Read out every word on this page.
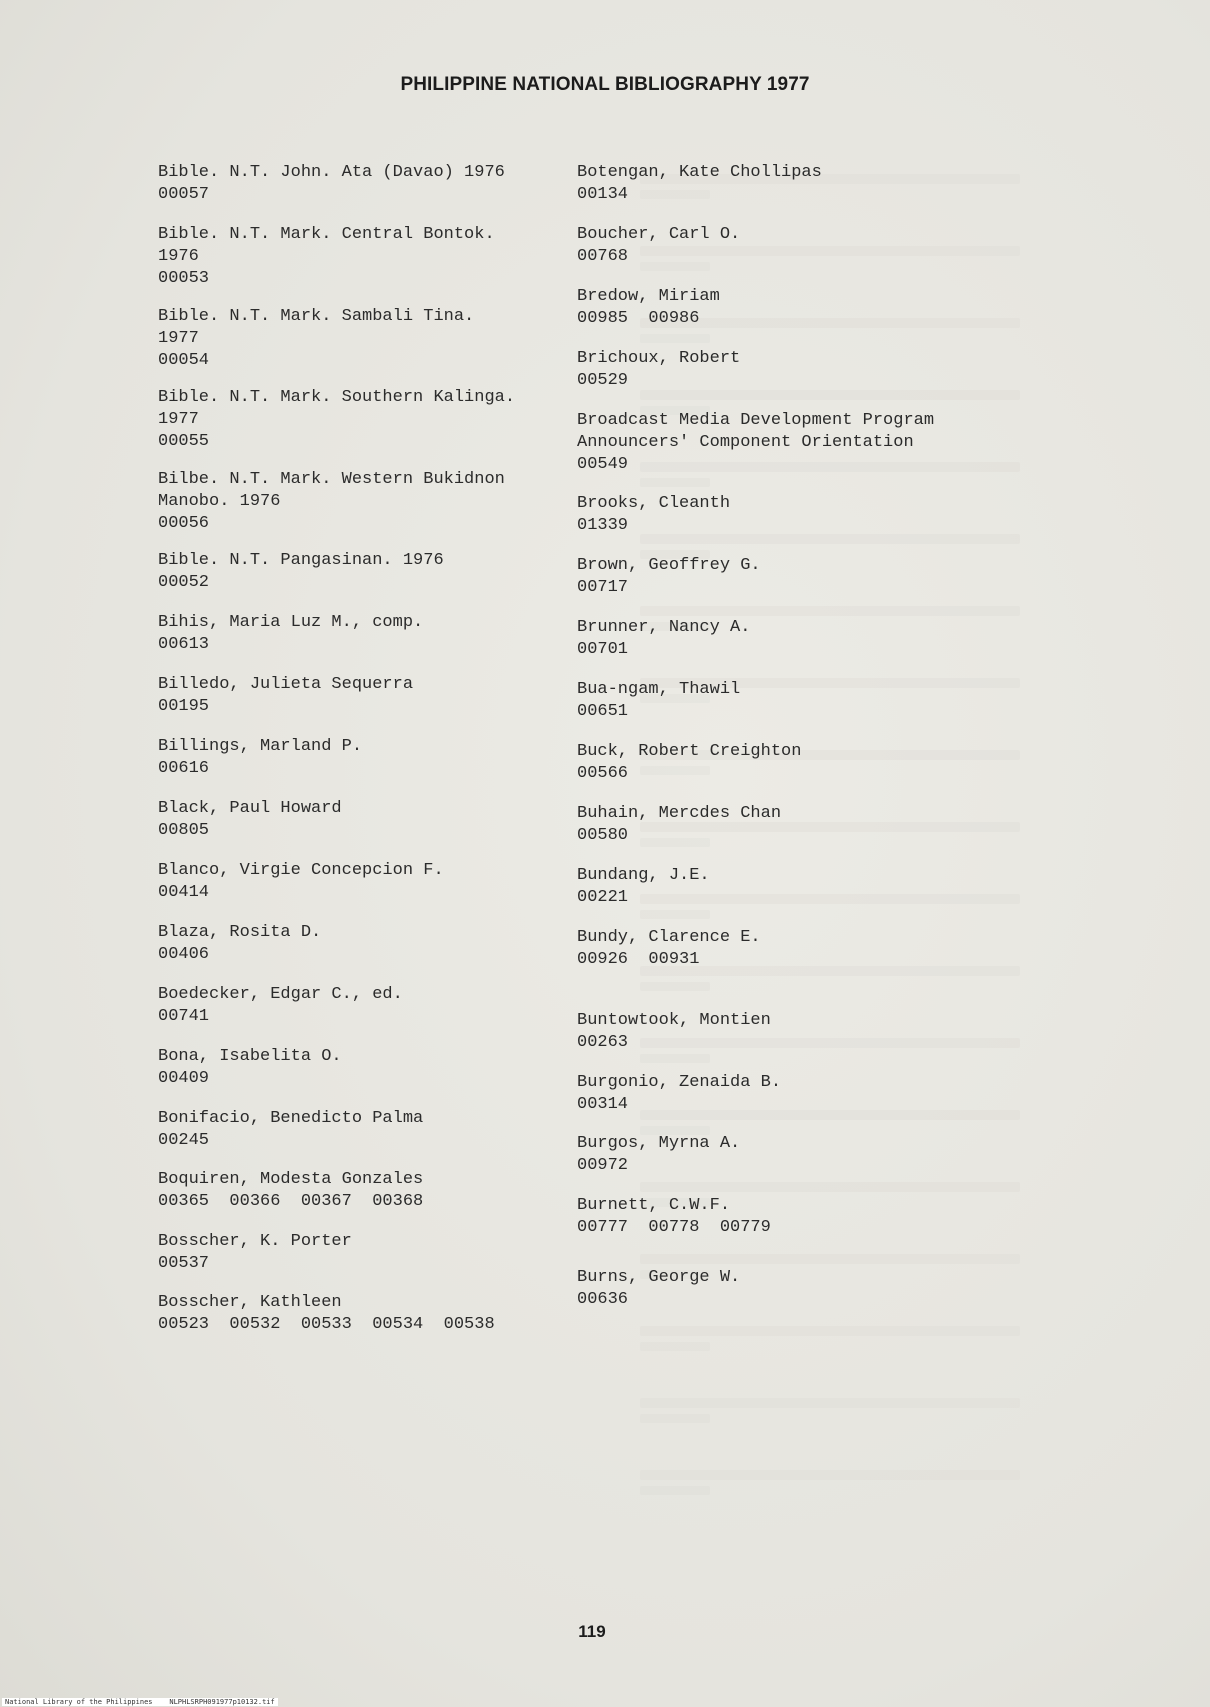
PHILIPPINE NATIONAL BIBLIOGRAPHY 1977
Bible. N.T. John. Ata (Davao) 1976
00057
Bible. N.T. Mark. Central Bontok.
1976
00053
Bible. N.T. Mark. Sambali Tina.
1977
00054
Bible. N.T. Mark. Southern Kalinga.
1977
00055
Bilbe. N.T. Mark. Western Bukidnon
Manobo. 1976
00056
Bible. N.T. Pangasinan. 1976
00052
Bihis, Maria Luz M., comp.
00613
Billedo, Julieta Sequerra
00195
Billings, Marland P.
00616
Black, Paul Howard
00805
Blanco, Virgie Concepcion F.
00414
Blaza, Rosita D.
00406
Boedecker, Edgar C., ed.
00741
Bona, Isabelita O.
00409
Bonifacio, Benedicto Palma
00245
Boquiren, Modesta Gonzales
00365  00366  00367  00368
Bosscher, K. Porter
00537
Bosscher, Kathleen
00523  00532  00533  00534  00538
Botengan, Kate Chollipas
00134
Boucher, Carl O.
00768
Bredow, Miriam
00985  00986
Brichoux, Robert
00529
Broadcast Media Development Program
Announcers' Component Orientation
00549
Brooks, Cleanth
01339
Brown, Geoffrey G.
00717
Brunner, Nancy A.
00701
Bua-ngam, Thawil
00651
Buck, Robert Creighton
00566
Buhain, Mercdes Chan
00580
Bundang, J.E.
00221
Bundy, Clarence E.
00926  00931
Buntowtook, Montien
00263
Burgonio, Zenaida B.
00314
Burgos, Myrna A.
00972
Burnett, C.W.F.
00777  00778  00779
Burns, George W.
00636
119
National Library of the Philippines    NLPHLSRPH091977p10132.tif
